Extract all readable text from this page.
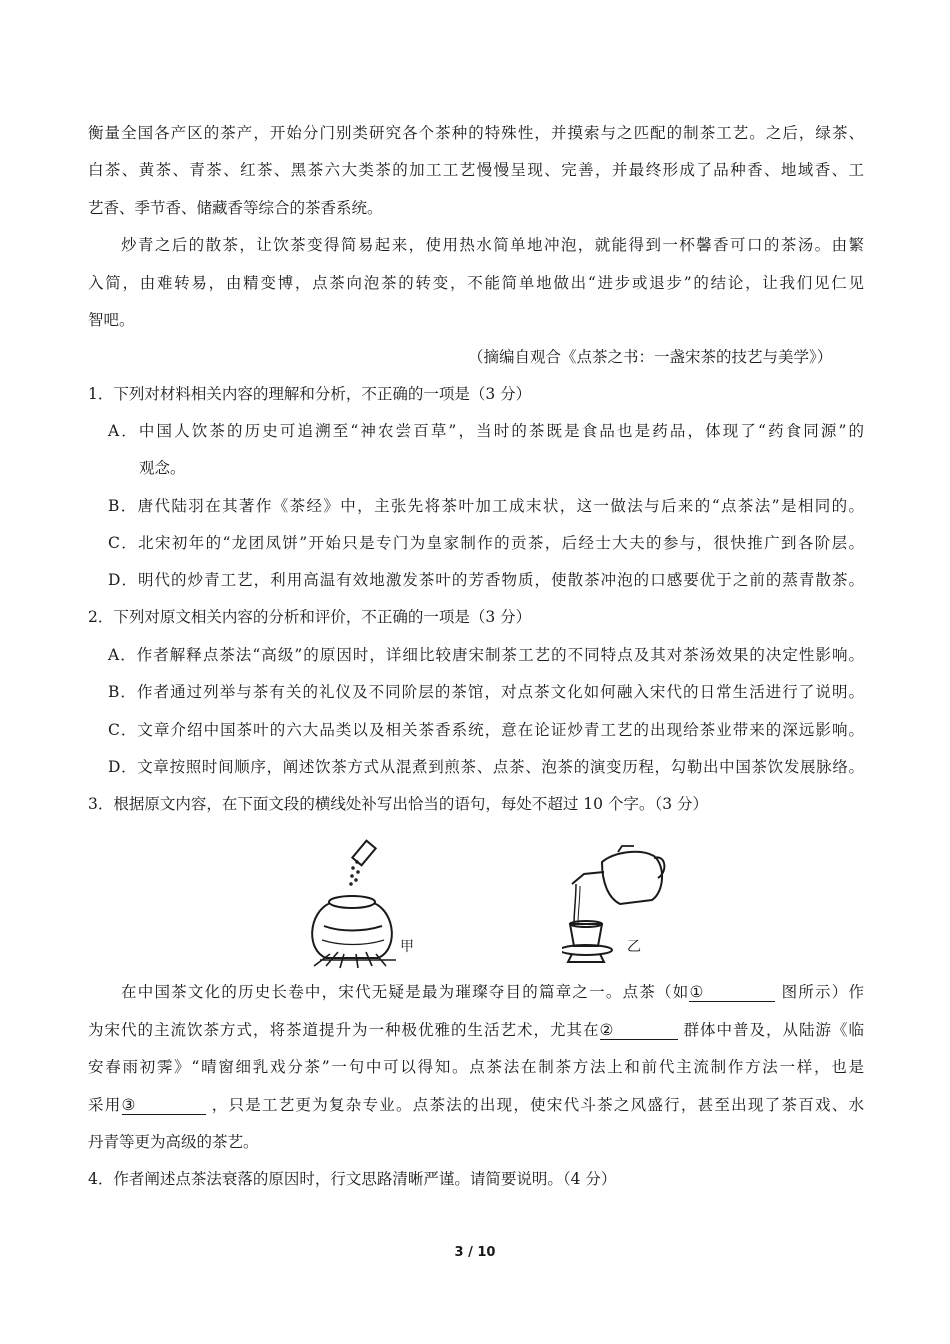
衡量全国各产区的茶产，开始分门别类研究各个茶种的特殊性，并摸索与之匹配的制茶工艺。之后，绿茶、
白茶、黄茶、青茶、红茶、黑茶六大类茶的加工工艺慢慢呈现、完善，并最终形成了品种香、地域香、工
艺香、季节香、储藏香等综合的茶香系统。
炒青之后的散茶，让饮茶变得简易起来，使用热水简单地冲泡，就能得到一杯馨香可口的茶汤。由繁
入简，由难转易，由精变博，点茶向泡茶的转变，不能简单地做出“进步或退步”的结论，让我们见仁见
智吧。
（摘编自观合《点茶之书：一盏宋茶的技艺与美学》）
1．下列对材料相关内容的理解和分析，不正确的一项是（3 分）
A．中国人饮茶的历史可追溯至“神农尝百草”，当时的茶既是食品也是药品，体现了“药食同源”的
观念。
B．唐代陆羽在其著作《茶经》中，主张先将茶叶加工成末状，这一做法与后来的“点茶法”是相同的。
C．北宋初年的“龙团凤饼”开始只是专门为皇家制作的贡茶，后经士大夫的参与，很快推广到各阶层。
D．明代的炒青工艺，利用高温有效地激发茶叶的芳香物质，使散茶冲泡的口感要优于之前的蒸青散茶。
2．下列对原文相关内容的分析和评价，不正确的一项是（3 分）
A．作者解释点茶法“高级”的原因时，详细比较唐宋制茶工艺的不同特点及其对茶汤效果的决定性影响。
B．作者通过列举与茶有关的礼仪及不同阶层的茶馆，对点茶文化如何融入宋代的日常生活进行了说明。
C．文章介绍中国茶叶的六大品类以及相关茶香系统，意在论证炒青工艺的出现给茶业带来的深远影响。
D．文章按照时间顺序，阐述饮茶方式从混煮到煎茶、点茶、泡茶的演变历程，勾勒出中国茶饮发展脉络。
3．根据原文内容，在下面文段的横线处补写出恰当的语句，每处不超过 10 个字。（3 分）
甲	乙
在中国茶文化的历史长卷中，宋代无疑是最为璀璨夺目的篇章之一。点茶（如①	图所示）作
为宋代的主流饮茶方式，将茶道提升为一种极优雅的生活艺术，尤其在②	群体中普及，从陆游《临
安春雨初霁》“晴窗细乳戏分茶”一句中可以得知。点茶法在制茶方法上和前代主流制作方法一样，也是
采用③	，只是工艺更为复杂专业。点茶法的出现，使宋代斗茶之风盛行，甚至出现了茶百戏、水
丹青等更为高级的茶艺。
4．作者阐述点茶法衰落的原因时，行文思路清晰严谨。请简要说明。（4 分）
3 / 10
